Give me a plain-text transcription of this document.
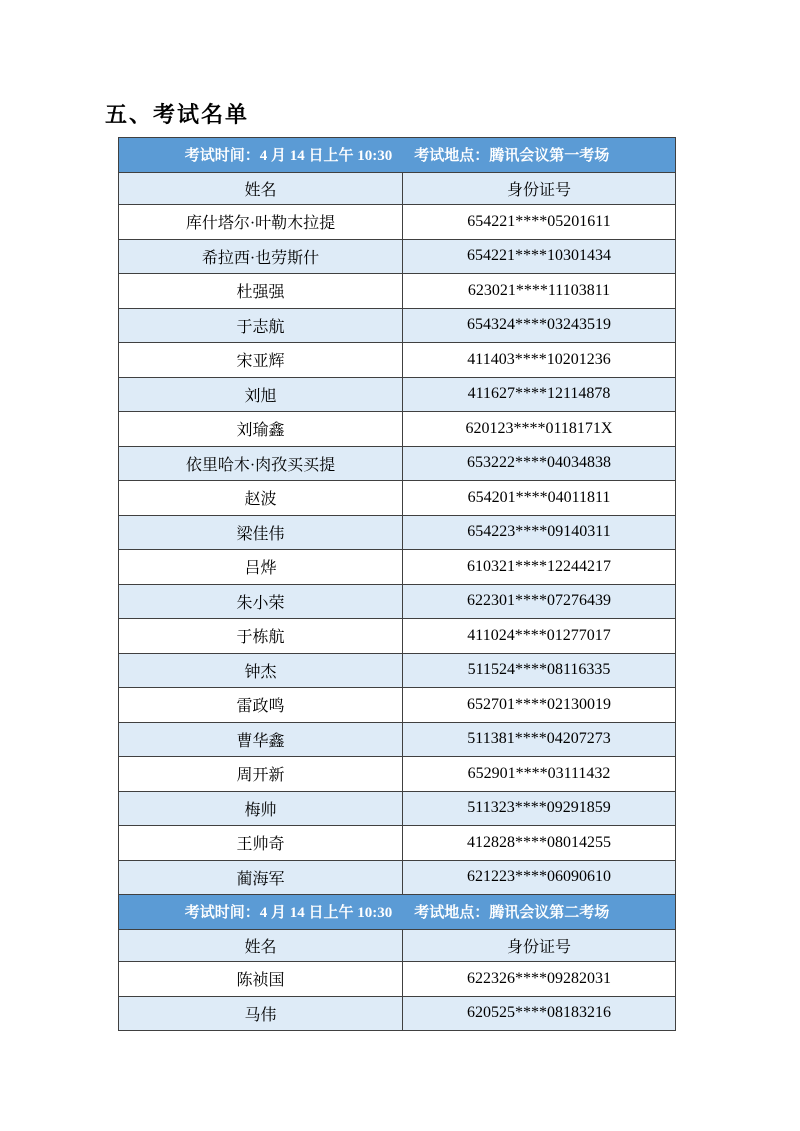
五、考试名单
考试时间：4 月 14 日上午 10:30 考试地点：腾讯会议第一考场	
姓名	身份证号
库什塔尔·叶勒木拉提	654221****05201611
希拉西·也劳斯什	654221****10301434
杜强强	623021****11103811
于志航	654324****03243519
宋亚辉	411403****10201236
刘旭	411627****12114878
刘瑜鑫	620123****0118171X
依里哈木·肉孜买买提	653222****04034838
赵波	654201****04011811
梁佳伟	654223****09140311
吕烨	610321****12244217
朱小荣	622301****07276439
于栋航	411024****01277017
钟杰	511524****08116335
雷政鸣	652701****02130019
曹华鑫	511381****04207273
周开新	652901****03111432
梅帅	511323****09291859
王帅奇	412828****08014255
蔺海军	621223****06090610
考试时间：4 月 14 日上午 10:30 考试地点：腾讯会议第二考场	
姓名	身份证号
陈祯国	622326****09282031
马伟	620525****08183216
